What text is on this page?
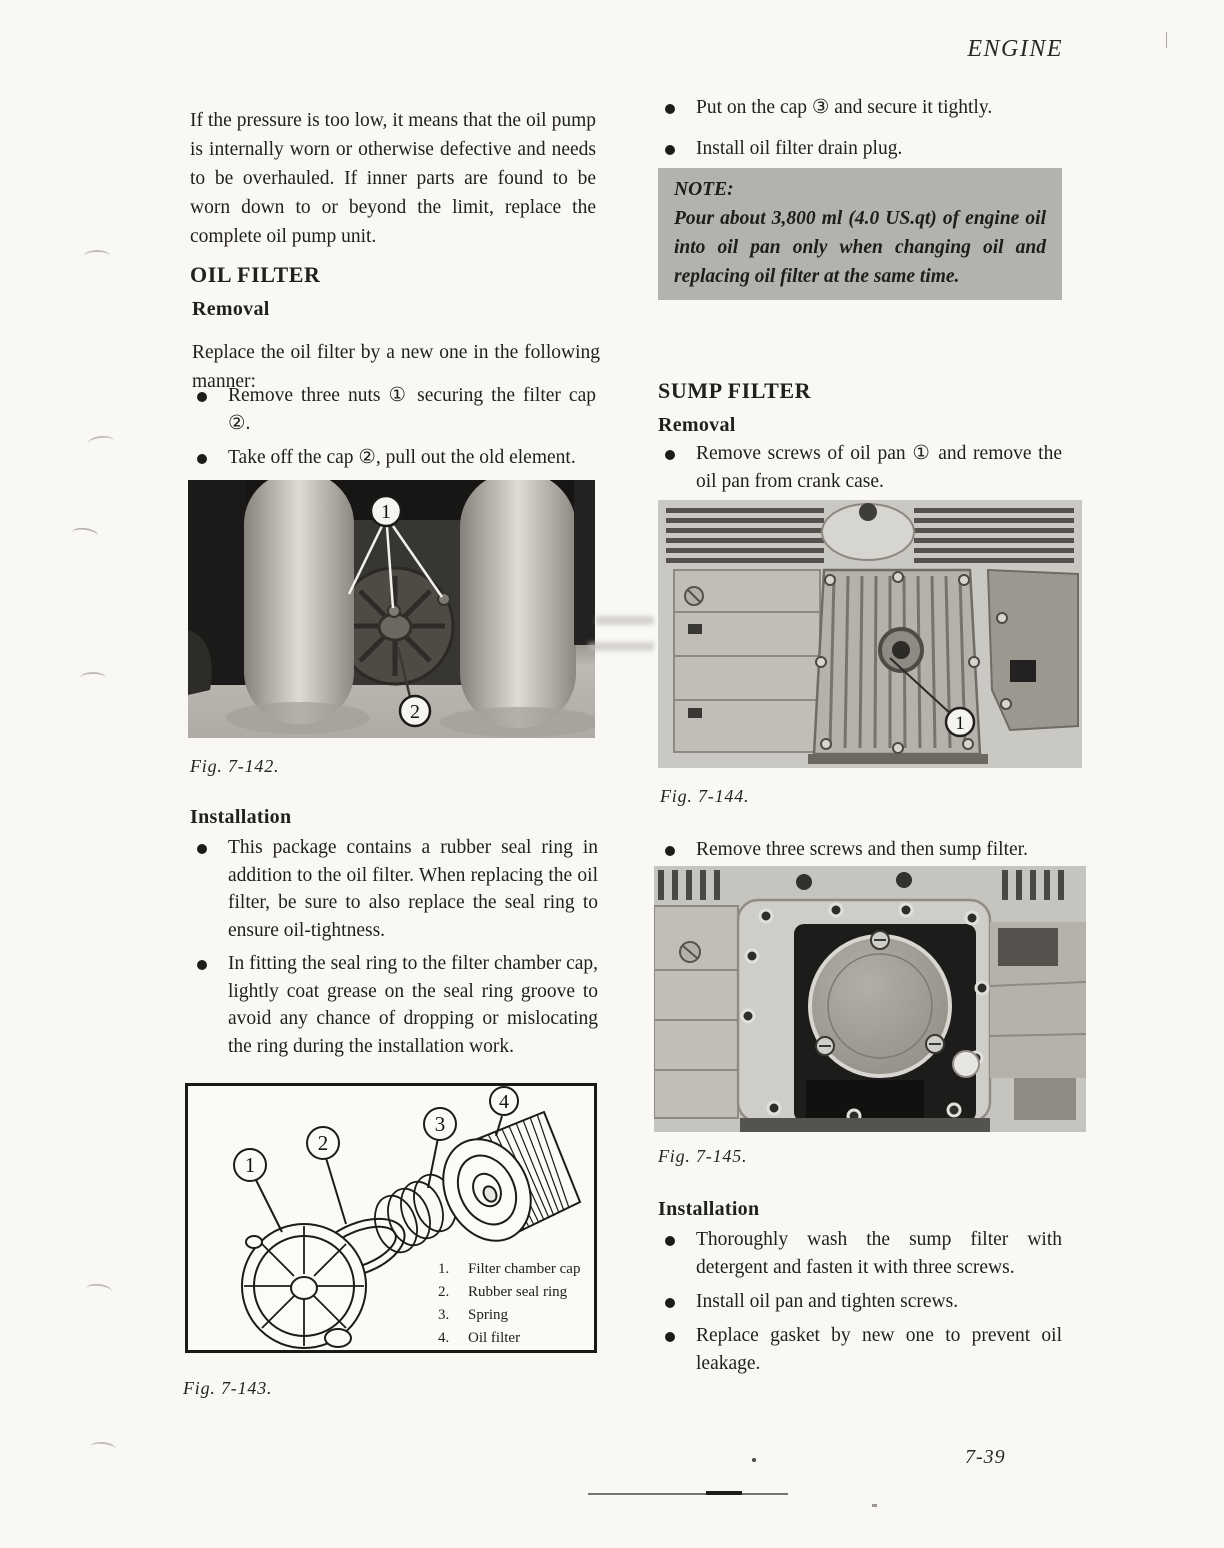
ENGINE

If the pressure is too low, it means that the oil pump is internally worn or otherwise defective and needs to be overhauled. If inner parts are found to be worn down to or beyond the limit, replace the complete oil pump unit.

OIL FILTER
Removal

Replace the oil filter by a new one in the following manner:

Remove three nuts ① securing the filter cap ②.
Take off the cap ②, pull out the old element.
1
2
Fig. 7-142.
Installation
This package contains a rubber seal ring in addition to the oil filter. When replacing the oil filter, be sure to also replace the seal ring to ensure oil-tightness.
In fitting the seal ring to the filter chamber cap, lightly coat grease on the seal ring groove to avoid any chance of dropping or mislocating the ring during the installation work.
1
2
3
4
1.	Filter chamber cap
2.	Rubber seal ring
3.	Spring
4.	Oil filter
Fig. 7-143.
Put on the cap ③ and secure it tightly.
Install oil filter drain plug.
NOTE:
Pour about 3,800 ml (4.0 US.qt) of engine oil into oil pan only when changing oil and replacing oil filter at the same time.
SUMP FILTER
Removal
Remove screws of oil pan ① and remove the oil pan from crank case.
1
Fig. 7-144.
Remove three screws and then sump filter.
Fig. 7-145.
Installation
Thoroughly wash the sump filter with detergent and fasten it with three screws.
Install oil pan and tighten screws.
Replace gasket by new one to prevent oil leakage.
7-39
